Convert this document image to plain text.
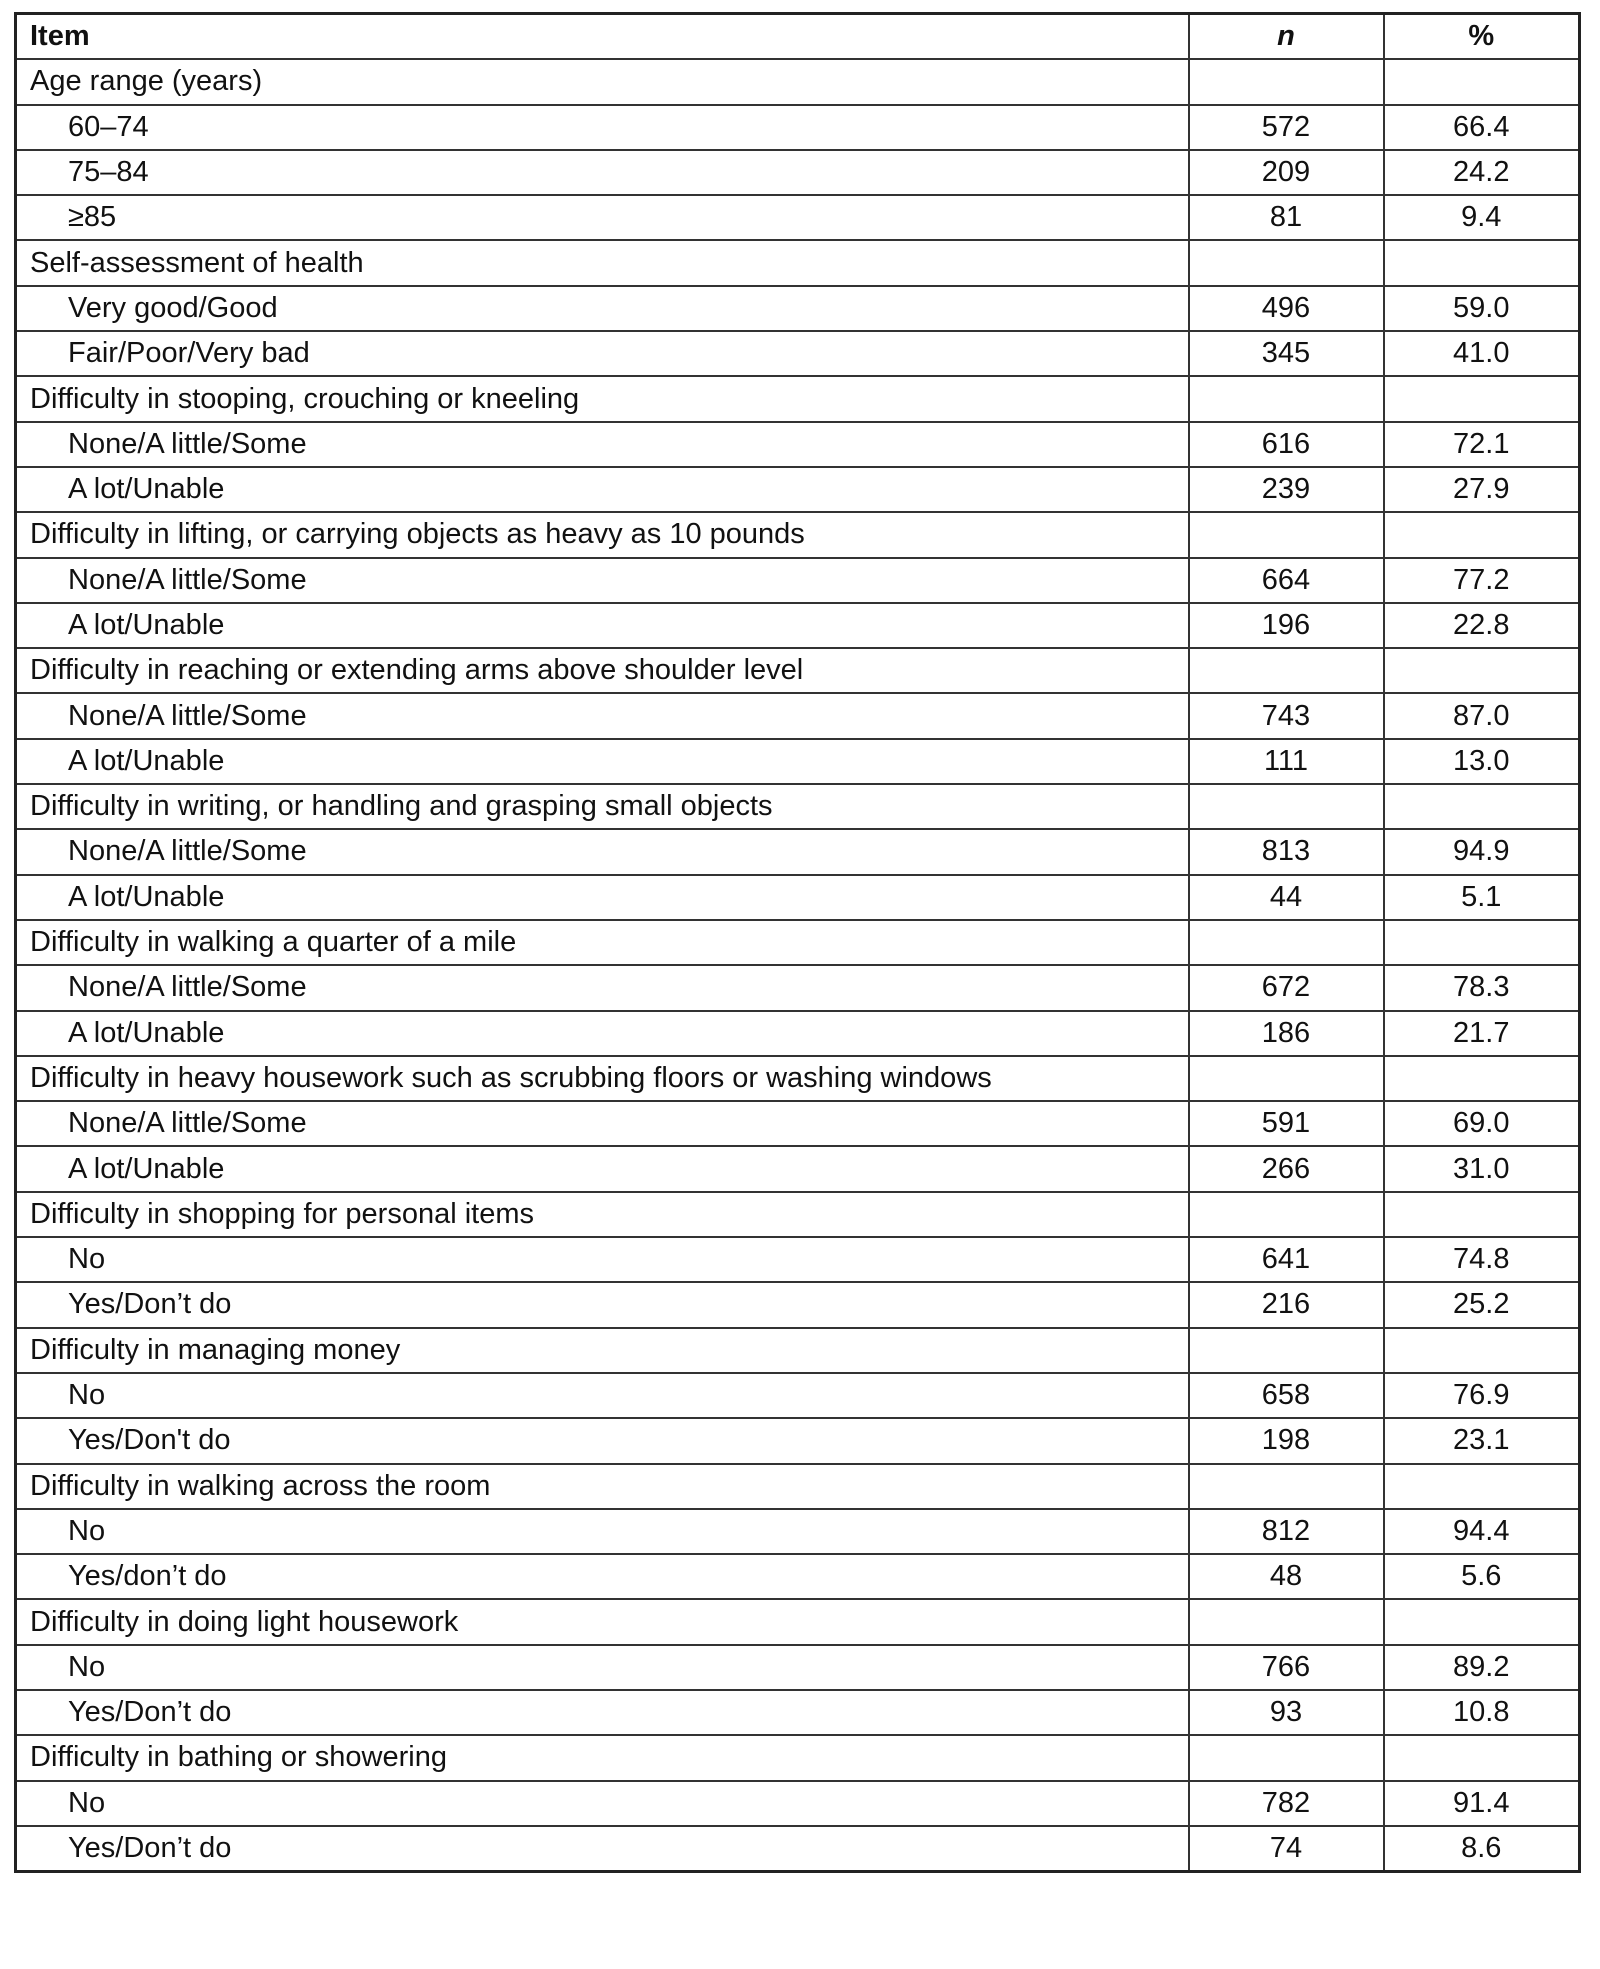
Item	n	%
Age range (years)		
60–74	572	66.4
75–84	209	24.2
≥85	81	9.4
Self-assessment of health		
Very good/Good	496	59.0
Fair/Poor/Very bad	345	41.0
Difficulty in stooping, crouching or kneeling		
None/A little/Some	616	72.1
A lot/Unable	239	27.9
Difficulty in lifting, or carrying objects as heavy as 10 pounds		
None/A little/Some	664	77.2
A lot/Unable	196	22.8
Difficulty in reaching or extending arms above shoulder level		
None/A little/Some	743	87.0
A lot/Unable	111	13.0
Difficulty in writing, or handling and grasping small objects		
None/A little/Some	813	94.9
A lot/Unable	44	5.1
Difficulty in walking a quarter of a mile		
None/A little/Some	672	78.3
A lot/Unable	186	21.7
Difficulty in heavy housework such as scrubbing floors or washing windows		
None/A little/Some	591	69.0
A lot/Unable	266	31.0
Difficulty in shopping for personal items		
No	641	74.8
Yes/Don’t do	216	25.2
Difficulty in managing money		
No	658	76.9
Yes/Don't do	198	23.1
Difficulty in walking across the room		
No	812	94.4
Yes/don’t do	48	5.6
Difficulty in doing light housework		
No	766	89.2
Yes/Don’t do	93	10.8
Difficulty in bathing or showering		
No	782	91.4
Yes/Don’t do	74	8.6
